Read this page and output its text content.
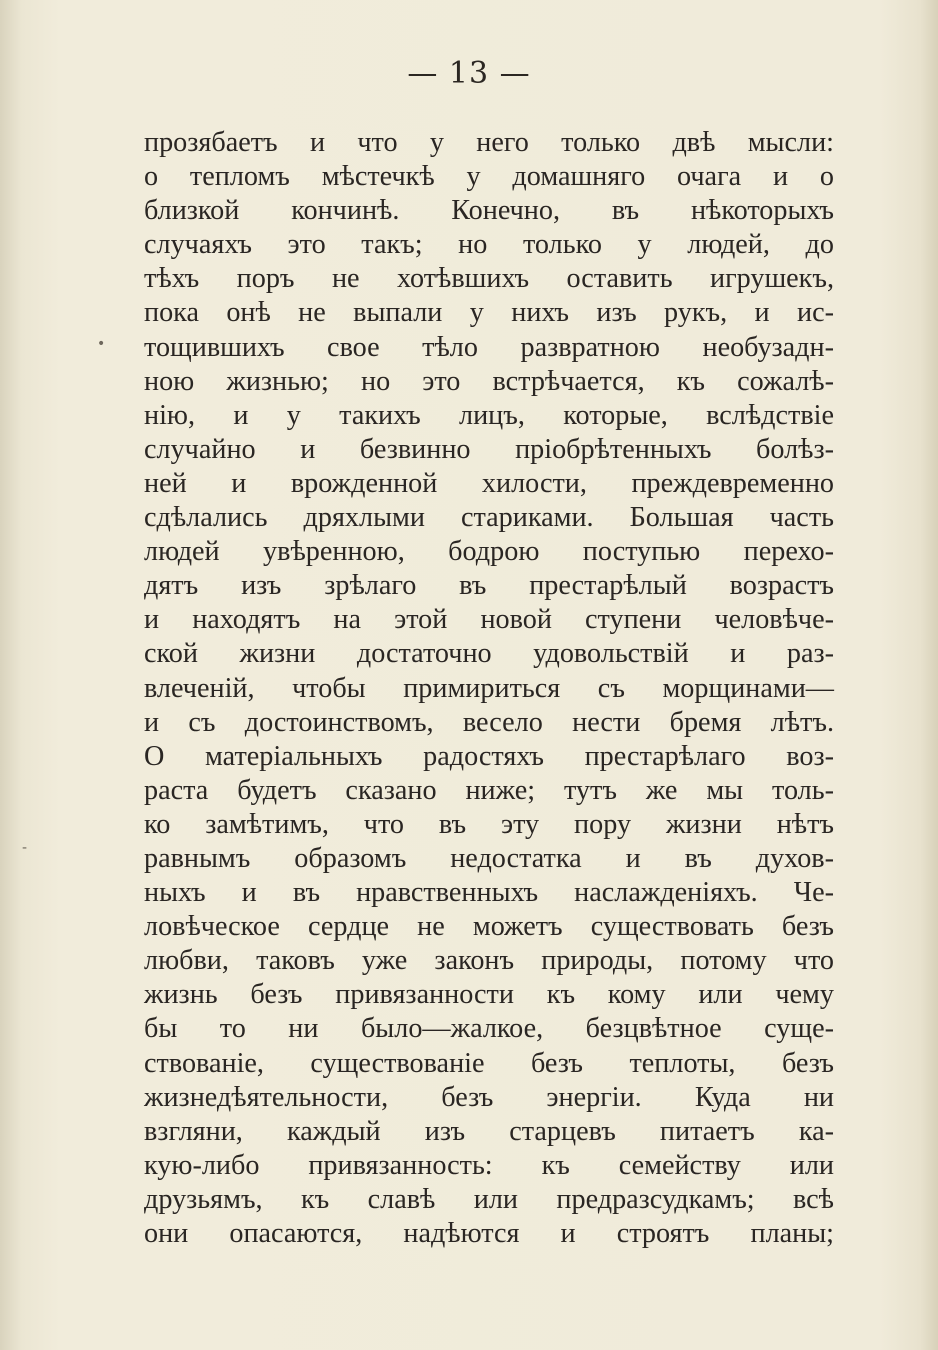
— 13 —
•
‐
прозябаетъ и что у него только двѣ мысли:
о тепломъ мѣстечкѣ у домашняго очага и о
близкой кончинѣ. Конечно, въ нѣкоторыхъ
случаяхъ это такъ; но только у людей, до
тѣхъ поръ не хотѣвшихъ оставить игрушекъ,
пока онѣ не выпали у нихъ изъ рукъ, и ис-
тощившихъ свое тѣло развратною необузадн-
ною жизнью; но это встрѣчается, къ сожалѣ-
нію, и у такихъ лицъ, которые, вслѣдствіе
случайно и безвинно пріобрѣтенныхъ болѣз-
ней и врожденной хилости, преждевременно
сдѣлались дряхлыми стариками. Большая часть
людей увѣренною, бодрою поступью перехо-
дятъ изъ зрѣлаго въ престарѣлый возрастъ
и находятъ на этой новой ступени человѣче-
ской жизни достаточно удовольствій и раз-
влеченій, чтобы примириться съ морщинами—
и съ достоинствомъ, весело нести бремя лѣтъ.
О матеріальныхъ радостяхъ престарѣлаго воз-
раста будетъ сказано ниже; тутъ же мы толь-
ко замѣтимъ, что въ эту пору жизни нѣтъ
равнымъ образомъ недостатка и въ духов-
ныхъ и въ нравственныхъ наслажденіяхъ. Че-
ловѣческое сердце не можетъ существовать безъ
любви, таковъ уже законъ природы, потому что
жизнь безъ привязанности къ кому или чему
бы то ни было—жалкое, безцвѣтное суще-
ствованіе, существованіе безъ теплоты, безъ
жизнедѣятельности, безъ энергіи. Куда ни
взгляни, каждый изъ старцевъ питаетъ ка-
кую-либо привязанность: къ семейству или
друзьямъ, къ славѣ или предразсудкамъ; всѣ
они опасаются, надѣются и строятъ планы;
